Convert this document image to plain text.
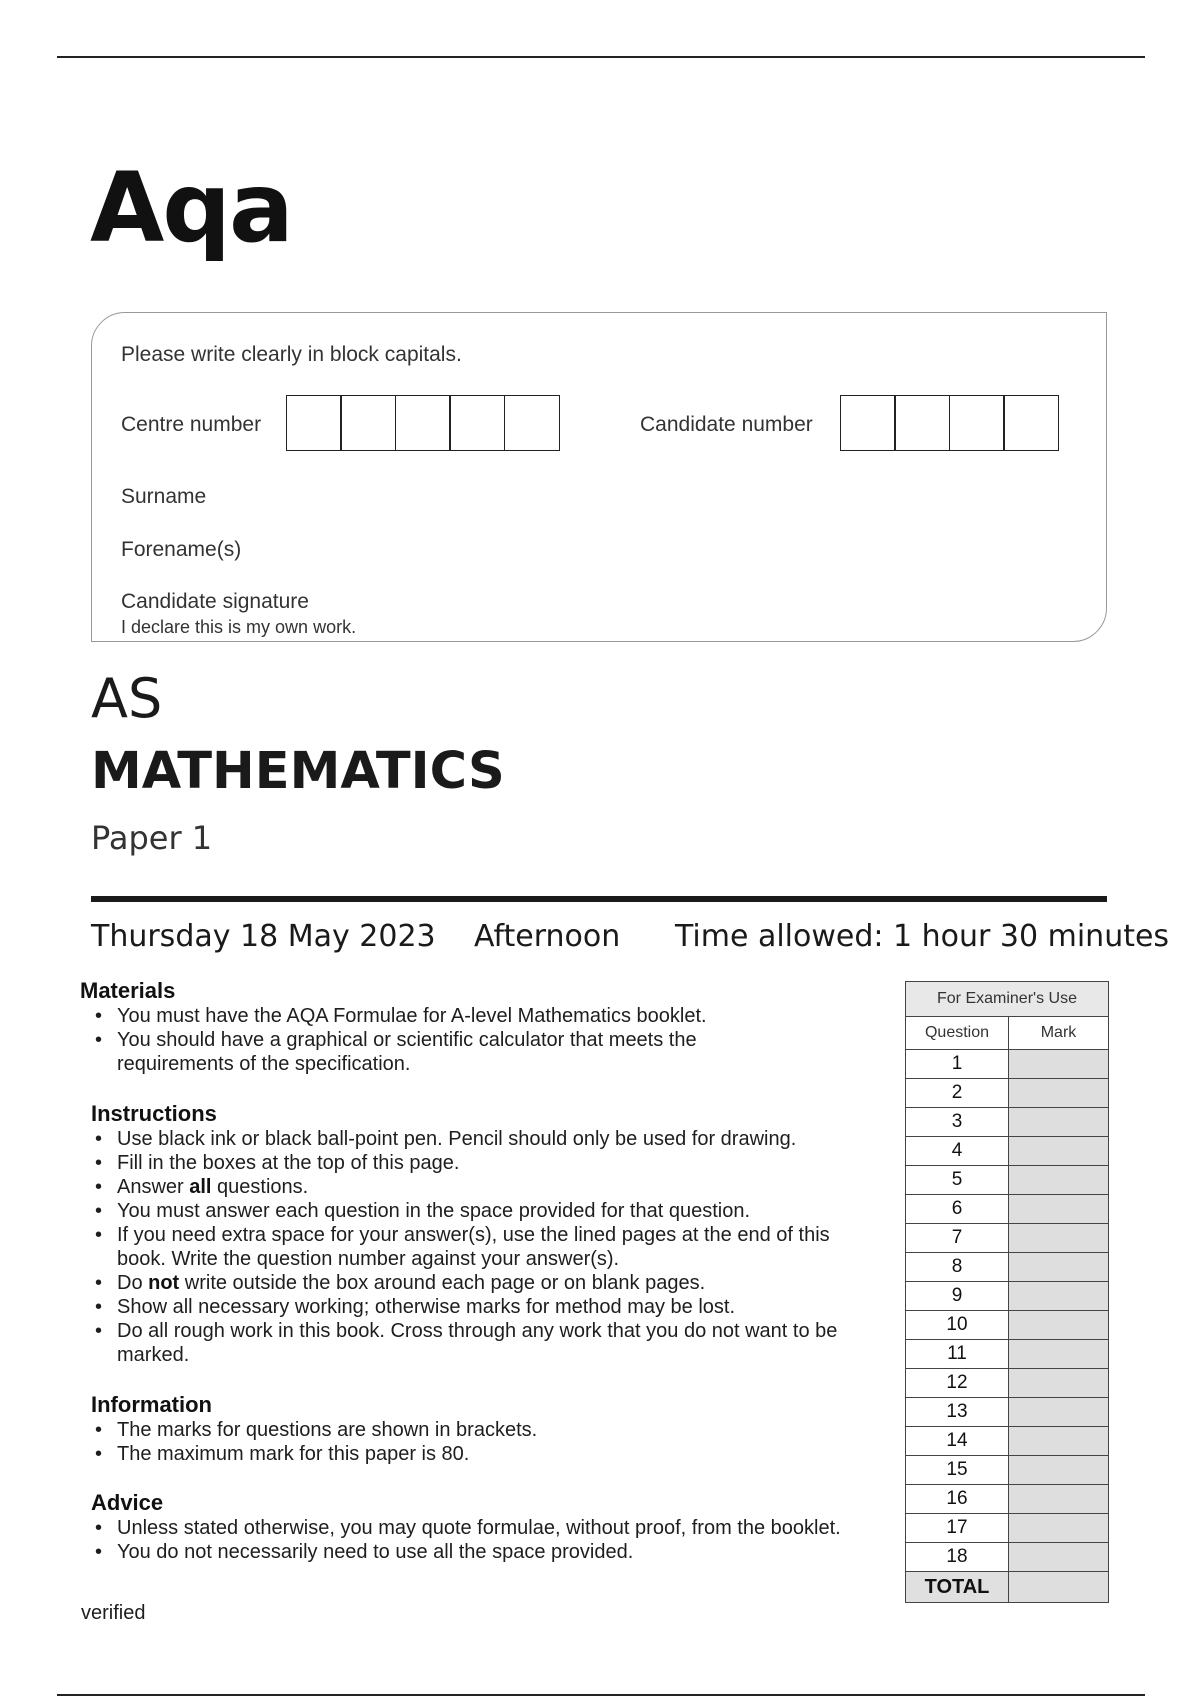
Aqa
Please write clearly in block capitals.
Centre number	Candidate number
Surname
Forename(s)
Candidate signature
I declare this is my own work.
AS
MATHEMATICS
Paper 1
Thursday 18 May 2023 Afternoon Time allowed: 1 hour 30 minutes
Materials
• You must have the AQA Formulae for A-level Mathematics booklet.
• You should have a graphical or scientific calculator that meets the requirements of the specification.
Instructions
• Use black ink or black ball-point pen. Pencil should only be used for drawing.
• Fill in the boxes at the top of this page.
• Answer all questions.
• You must answer each question in the space provided for that question.
• If you need extra space for your answer(s), use the lined pages at the end of this book. Write the question number against your answer(s).
• Do not write outside the box around each page or on blank pages.
• Show all necessary working; otherwise marks for method may be lost.
• Do all rough work in this book. Cross through any work that you do not want to be marked.
Information
• The marks for questions are shown in brackets.
• The maximum mark for this paper is 80.
Advice
• Unless stated otherwise, you may quote formulae, without proof, from the booklet.
• You do not necessarily need to use all the space provided.
verified
For Examiner's Use	
Question	Mark
1	
2	
3	
4	
5	
6	
7	
8	
9	
10	
11	
12	
13	
14	
15	
16	
17	
18	
TOTAL	
